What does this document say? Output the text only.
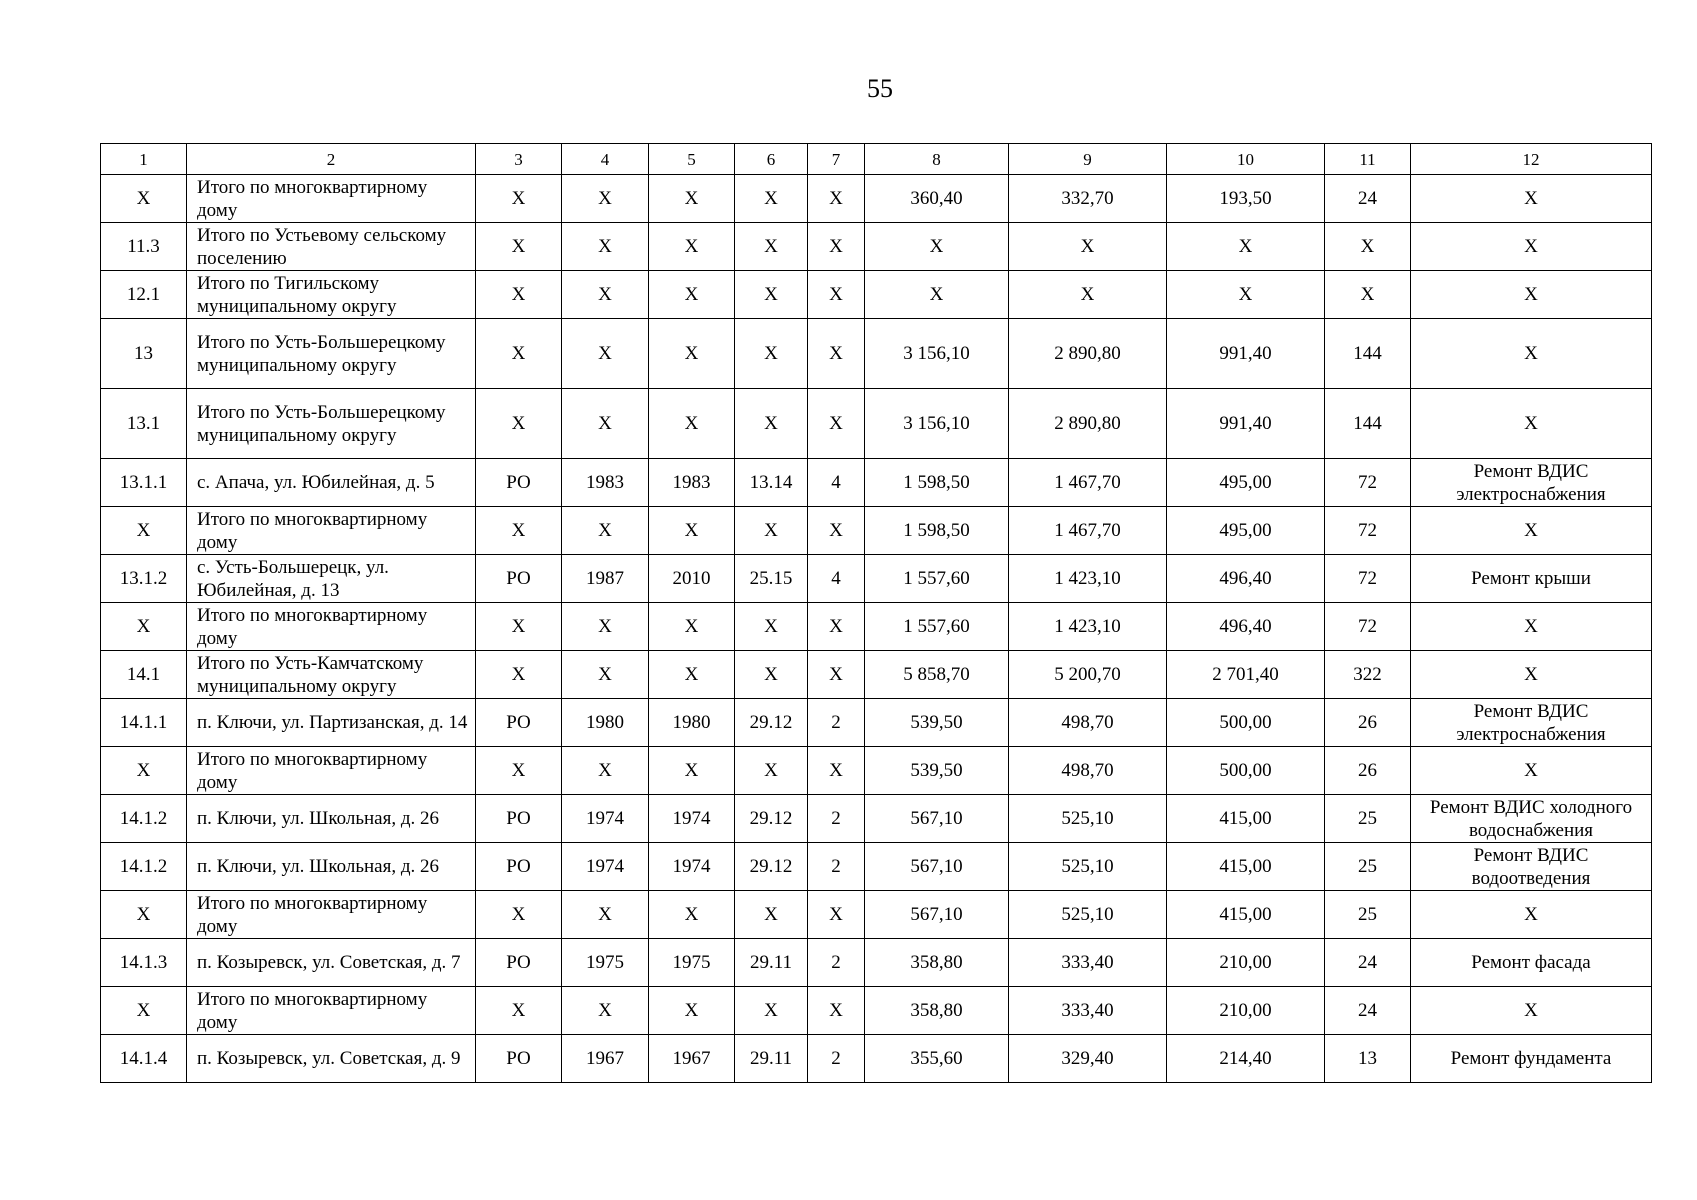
55
1	2	3	4	5	6	7	8	9	10	11	12
X	Итого по многоквартирному дому	X	X	X	X	X	360,40	332,70	193,50	24	X
11.3	Итого по Устьевому сельскому поселению	X	X	X	X	X	X	X	X	X	X
12.1	Итого по Тигильскому муниципальному округу	X	X	X	X	X	X	X	X	X	X
13	Итого по Усть-Большерецкому муниципальному округу	X	X	X	X	X	3 156,10	2 890,80	991,40	144	X
13.1	Итого по Усть-Большерецкому муниципальному округу	X	X	X	X	X	3 156,10	2 890,80	991,40	144	X
13.1.1	с. Апача, ул. Юбилейная, д. 5	РО	1983	1983	13.14	4	1 598,50	1 467,70	495,00	72	Ремонт ВДИС электроснабжения
X	Итого по многоквартирному дому	X	X	X	X	X	1 598,50	1 467,70	495,00	72	X
13.1.2	с. Усть-Большерецк, ул. Юбилейная, д. 13	РО	1987	2010	25.15	4	1 557,60	1 423,10	496,40	72	Ремонт крыши
X	Итого по многоквартирному дому	X	X	X	X	X	1 557,60	1 423,10	496,40	72	X
14.1	Итого по Усть-Камчатскому муниципальному округу	X	X	X	X	X	5 858,70	5 200,70	2 701,40	322	X
14.1.1	п. Ключи, ул. Партизанская, д. 14	РО	1980	1980	29.12	2	539,50	498,70	500,00	26	Ремонт ВДИС электроснабжения
X	Итого по многоквартирному дому	X	X	X	X	X	539,50	498,70	500,00	26	X
14.1.2	п. Ключи, ул. Школьная, д. 26	РО	1974	1974	29.12	2	567,10	525,10	415,00	25	Ремонт ВДИС холодного водоснабжения
14.1.2	п. Ключи, ул. Школьная, д. 26	РО	1974	1974	29.12	2	567,10	525,10	415,00	25	Ремонт ВДИС водоотведения
X	Итого по многоквартирному дому	X	X	X	X	X	567,10	525,10	415,00	25	X
14.1.3	п. Козыревск, ул. Советская, д. 7	РО	1975	1975	29.11	2	358,80	333,40	210,00	24	Ремонт фасада
X	Итого по многоквартирному дому	X	X	X	X	X	358,80	333,40	210,00	24	X
14.1.4	п. Козыревск, ул. Советская, д. 9	РО	1967	1967	29.11	2	355,60	329,40	214,40	13	Ремонт фундамента
